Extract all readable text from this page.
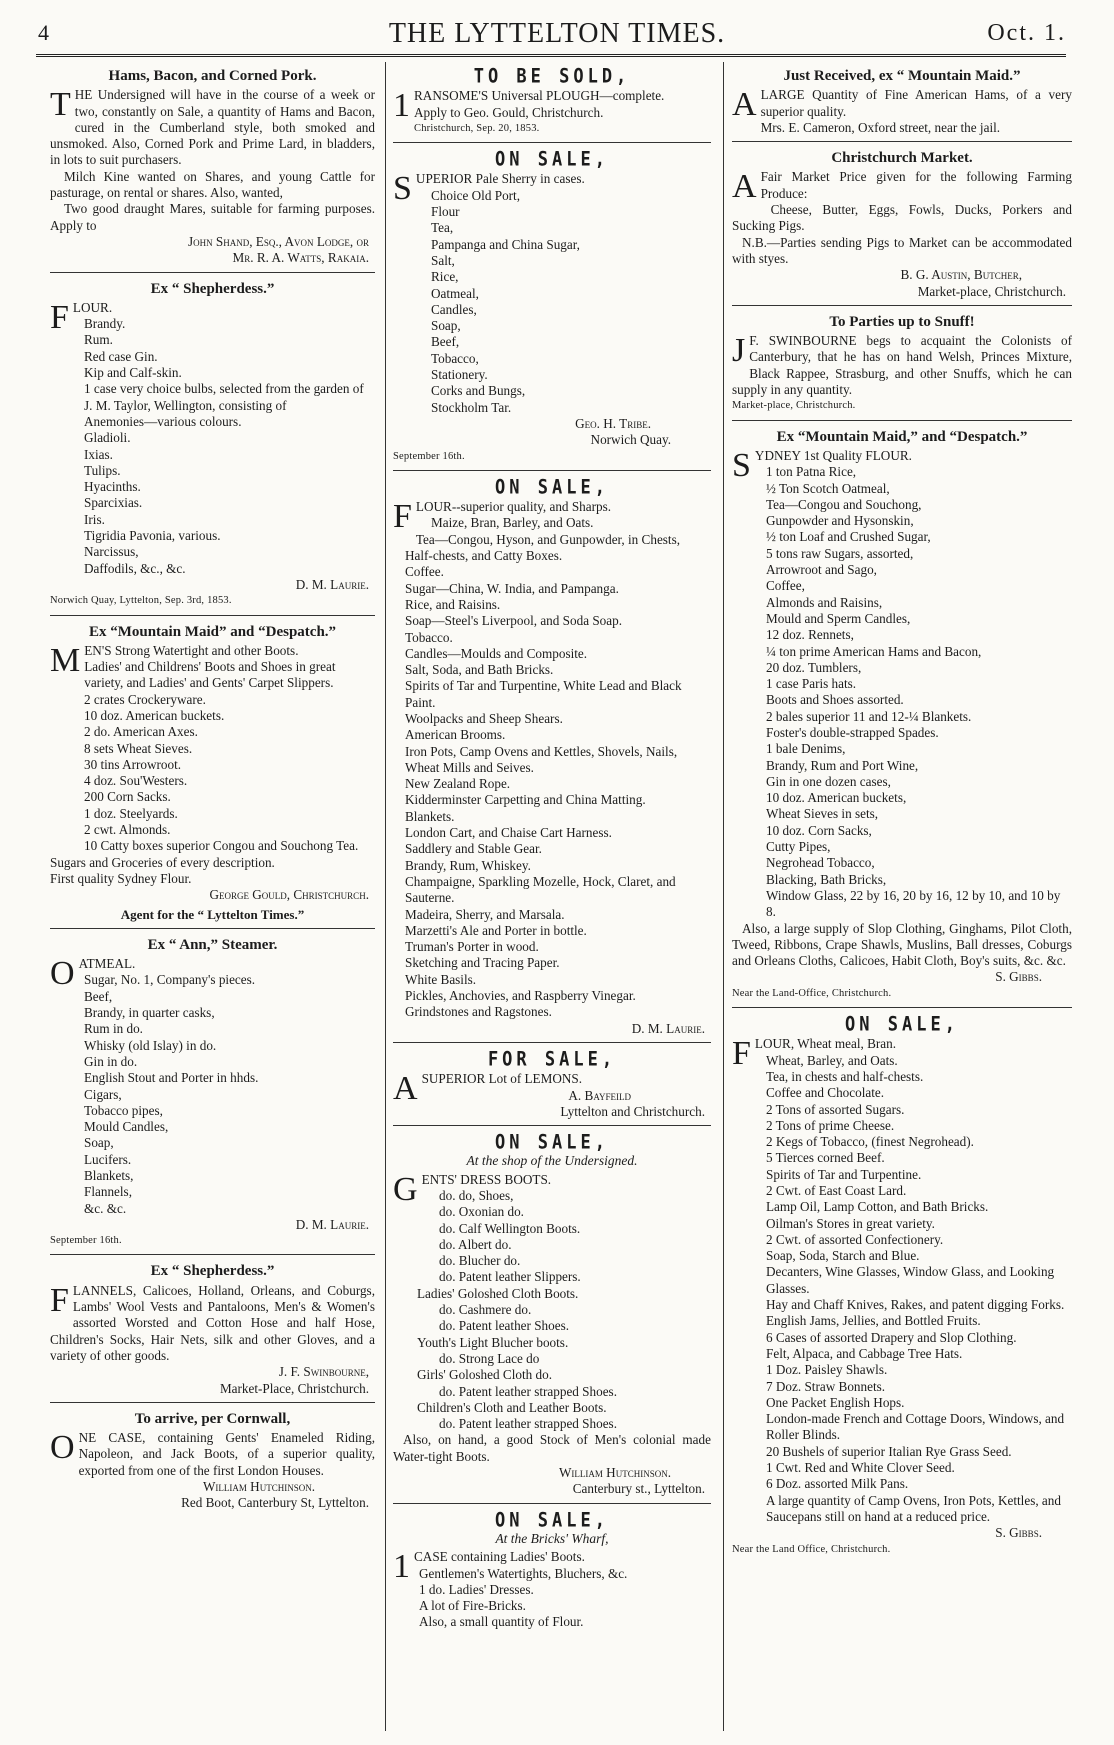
4	THE LYTTELTON TIMES.	Oct. 1.
Hams, Bacon, and Corned Pork.
THE Undersigned will have in the course of a week or two, constantly on Sale, a quantity of Hams and Bacon, cured in the Cumberland style, both smoked and unsmoked. Also, Corned Pork and Prime Lard, in bladders, in lots to suit purchasers.
Milch Kine wanted on Shares, and young Cattle for pasturage, on rental or shares. Also, wanted,
Two good draught Mares, suitable for farming purposes. Apply to
John Shand, Esq., Avon Lodge, or
Mr. R. A. Watts, Rakaia.
Ex “ Shepherdess.”
FLOUR.
Brandy.
Rum.
Red case Gin.
Kip and Calf-skin.
1 case very choice bulbs, selected from the garden of J. M. Taylor, Wellington, consisting of
Anemonies—various colours.
Gladioli.
Ixias.
Tulips.
Hyacinths.
Sparcixias.
Iris.
Tigridia Pavonia, various.
Narcissus,
Daffodils, &c., &c.
D. M. Laurie.
Norwich Quay, Lyttelton, Sep. 3rd, 1853.
Ex “Mountain Maid” and “Despatch.”
MEN'S Strong Watertight and other Boots.
Ladies' and Childrens' Boots and Shoes in great variety, and Ladies' and Gents' Carpet Slippers.
2 crates Crockeryware.
10 doz. American buckets.
2 do. American Axes.
8 sets Wheat Sieves.
30 tins Arrowroot.
4 doz. Sou'Westers.
200 Corn Sacks.
1 doz. Steelyards.
2 cwt. Almonds.
10 Catty boxes superior Congou and Souchong Tea.
Sugars and Groceries of every description.
First quality Sydney Flour.
George Gould, Christchurch.
Agent for the “ Lyttelton Times.”
Ex “ Ann,” Steamer.
OATMEAL.
Sugar, No. 1, Company's pieces.
Beef,
Brandy, in quarter casks,
Rum in do.
Whisky (old Islay) in do.
Gin in do.
English Stout and Porter in hhds.
Cigars,
Tobacco pipes,
Mould Candles,
Soap,
Lucifers.
Blankets,
Flannels,
&c. &c.
D. M. Laurie.
September 16th.
Ex “ Shepherdess.”
FLANNELS, Calicoes, Holland, Orleans, and Coburgs, Lambs' Wool Vests and Pantaloons, Men's & Women's assorted Worsted and Cotton Hose and half Hose, Children's Socks, Hair Nets, silk and other Gloves, and a variety of other goods.
J. F. Swinbourne,
Market-Place, Christchurch.
To arrive, per Cornwall,
ONE CASE, containing Gents' Enameled Riding, Napoleon, and Jack Boots, of a superior quality, exported from one of the first London Houses.
William Hutchinson.
Red Boot, Canterbury St, Lyttelton.
TO BE SOLD,
1 RANSOME'S Universal PLOUGH—complete.
Apply to Geo. Gould, Christchurch.
Christchurch, Sep. 20, 1853.
ON SALE,
SUPERIOR Pale Sherry in cases.
Choice Old Port,
Flour
Tea,
Pampanga and China Sugar,
Salt,
Rice,
Oatmeal,
Candles,
Soap,
Beef,
Tobacco,
Stationery.
Corks and Bungs,
Stockholm Tar.
Geo. H. Tribe.
Norwich Quay.
September 16th.
ON SALE,
FLOUR--superior quality, and Sharps.
Maize, Bran, Barley, and Oats.
Tea—Congou, Hyson, and Gunpowder, in Chests, Half-chests, and Catty Boxes.
Coffee.
Sugar—China, W. India, and Pampanga.
Rice, and Raisins.
Soap—Steel's Liverpool, and Soda Soap.
Tobacco.
Candles—Moulds and Composite.
Salt, Soda, and Bath Bricks.
Spirits of Tar and Turpentine, White Lead and Black Paint.
Woolpacks and Sheep Shears.
American Brooms.
Iron Pots, Camp Ovens and Kettles, Shovels, Nails, Wheat Mills and Seives.
New Zealand Rope.
Kidderminster Carpetting and China Matting.
Blankets.
London Cart, and Chaise Cart Harness.
Saddlery and Stable Gear.
Brandy, Rum, Whiskey.
Champaigne, Sparkling Mozelle, Hock, Claret, and Sauterne.
Madeira, Sherry, and Marsala.
Marzetti's Ale and Porter in bottle.
Truman's Porter in wood.
Sketching and Tracing Paper.
White Basils.
Pickles, Anchovies, and Raspberry Vinegar.
Grindstones and Ragstones.
D. M. Laurie.
FOR SALE,
ASUPERIOR Lot of LEMONS.
A. Bayfeild
Lyttelton and Christchurch.
ON SALE,
At the shop of the Undersigned.
GENTS' DRESS BOOTS.
do. do, Shoes,
do. Oxonian do.
do. Calf Wellington Boots.
do. Albert do.
do. Blucher do.
do. Patent leather Slippers.
Ladies' Goloshed Cloth Boots.
do. Cashmere do.
do. Patent leather Shoes.
Youth's Light Blucher boots.
do. Strong Lace do
Girls' Goloshed Cloth do.
do. Patent leather strapped Shoes.
Children's Cloth and Leather Boots.
do. Patent leather strapped Shoes.
Also, on hand, a good Stock of Men's colonial made Water-tight Boots.
William Hutchinson.
Canterbury st., Lyttelton.
ON SALE,
At the Bricks' Wharf,
1 CASE containing Ladies' Boots.
Gentlemen's Watertights, Bluchers, &c.
1 do. Ladies' Dresses.
A lot of Fire-Bricks.
Also, a small quantity of Flour.
Just Received, ex “ Mountain Maid.”
ALARGE Quantity of Fine American Hams, of a very superior quality.
Mrs. E. Cameron, Oxford street, near the jail.
Christchurch Market.
A Fair Market Price given for the following Farming Produce:
Cheese, Butter, Eggs, Fowls, Ducks, Porkers and Sucking Pigs.
N.B.—Parties sending Pigs to Market can be accommodated with styes.
B. G. Austin, Butcher,
Market-place, Christchurch.
To Parties up to Snuff!
J F. SWINBOURNE begs to acquaint the Colonists of Canterbury, that he has on hand Welsh, Princes Mixture, Black Rappee, Strasburg, and other Snuffs, which he can supply in any quantity.
Market-place, Christchurch.
Ex “Mountain Maid,” and “Despatch.”
SYDNEY 1st Quality FLOUR.
1 ton Patna Rice,
½ Ton Scotch Oatmeal,
Tea—Congou and Souchong,
Gunpowder and Hysonskin,
½ ton Loaf and Crushed Sugar,
5 tons raw Sugars, assorted,
Arrowroot and Sago,
Coffee,
Almonds and Raisins,
Mould and Sperm Candles,
12 doz. Rennets,
¼ ton prime American Hams and Bacon,
20 doz. Tumblers,
1 case Paris hats.
Boots and Shoes assorted.
2 bales superior 11 and 12-¼ Blankets.
Foster's double-strapped Spades.
1 bale Denims,
Brandy, Rum and Port Wine,
Gin in one dozen cases,
10 doz. American buckets,
Wheat Sieves in sets,
10 doz. Corn Sacks,
Cutty Pipes,
Negrohead Tobacco,
Blacking, Bath Bricks,
Window Glass, 22 by 16, 20 by 16, 12 by 10, and 10 by 8.
Also, a large supply of Slop Clothing, Ginghams, Pilot Cloth, Tweed, Ribbons, Crape Shawls, Muslins, Ball dresses, Coburgs and Orleans Cloths, Calicoes, Habit Cloth, Boy's suits, &c. &c.
S. Gibbs.
Near the Land-Office, Christchurch.
ON SALE,
FLOUR, Wheat meal, Bran.
Wheat, Barley, and Oats.
Tea, in chests and half-chests.
Coffee and Chocolate.
2 Tons of assorted Sugars.
2 Tons of prime Cheese.
2 Kegs of Tobacco, (finest Negrohead).
5 Tierces corned Beef.
Spirits of Tar and Turpentine.
2 Cwt. of East Coast Lard.
Lamp Oil, Lamp Cotton, and Bath Bricks.
Oilman's Stores in great variety.
2 Cwt. of assorted Confectionery.
Soap, Soda, Starch and Blue.
Decanters, Wine Glasses, Window Glass, and Looking Glasses.
Hay and Chaff Knives, Rakes, and patent digging Forks.
English Jams, Jellies, and Bottled Fruits.
6 Cases of assorted Drapery and Slop Clothing.
Felt, Alpaca, and Cabbage Tree Hats.
1 Doz. Paisley Shawls.
7 Doz. Straw Bonnets.
One Packet English Hops.
London-made French and Cottage Doors, Windows, and Roller Blinds.
20 Bushels of superior Italian Rye Grass Seed.
1 Cwt. Red and White Clover Seed.
6 Doz. assorted Milk Pans.
A large quantity of Camp Ovens, Iron Pots, Kettles, and Saucepans still on hand at a reduced price.
S. Gibbs.
Near the Land Office, Christchurch.
